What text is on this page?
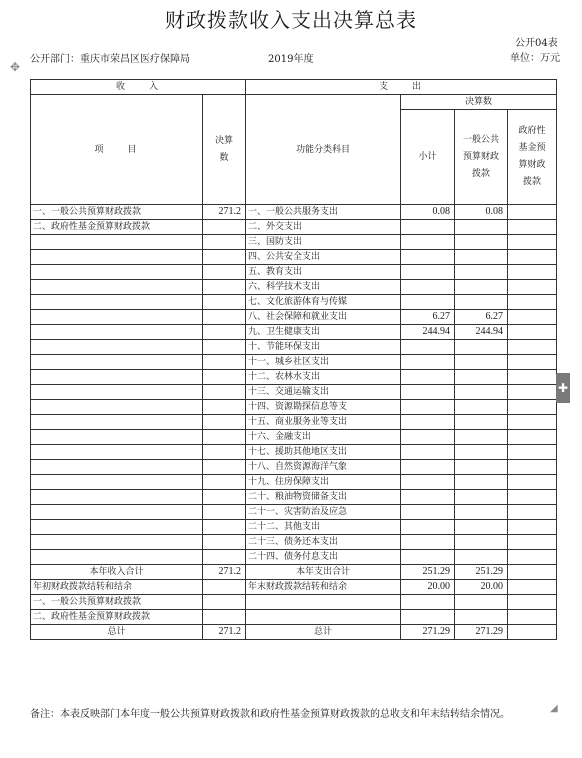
财政拨款收入支出决算总表
公开04表
公开部门：重庆市荣昌区医疗保障局	2019年度	单位：万元
✥
收　　入		支　　出			
项　　目	决算数	功能分类科目	决算数		
			小计	一般公共预算财政拨款	政府性基金预算财政拨款
一、一般公共预算财政拨款	271.2	一、一般公共服务支出	0.08	0.08	
二、政府性基金预算财政拨款		二、外交支出			
		三、国防支出			
		四、公共安全支出			
		五、教育支出			
		六、科学技术支出			
		七、文化旅游体育与传媒			
		八、社会保障和就业支出	6.27	6.27	
		九、卫生健康支出	244.94	244.94	
		十、节能环保支出			
		十一、城乡社区支出			
		十二、农林水支出			
		十三、交通运输支出			
		十四、资源勘探信息等支			
		十五、商业服务业等支出			
		十六、金融支出			
		十七、援助其他地区支出			
		十八、自然资源海洋气象			
		十九、住房保障支出			
		二十、粮油物资储备支出			
		二十一、灾害防治及应急			
		二十二、其他支出			
		二十三、债务还本支出			
		二十四、债务付息支出			
本年收入合计	271.2	本年支出合计	251.29	251.29	
年初财政拨款结转和结余		年末财政拨款结转和结余	20.00	20.00	
一、一般公共预算财政拨款					
二、政府性基金预算财政拨款					
总计	271.2	总计	271.29	271.29	
✚
备注：本表反映部门本年度一般公共预算财政拨款和政府性基金预算财政拨款的总收支和年末结转结余情况。
◢
